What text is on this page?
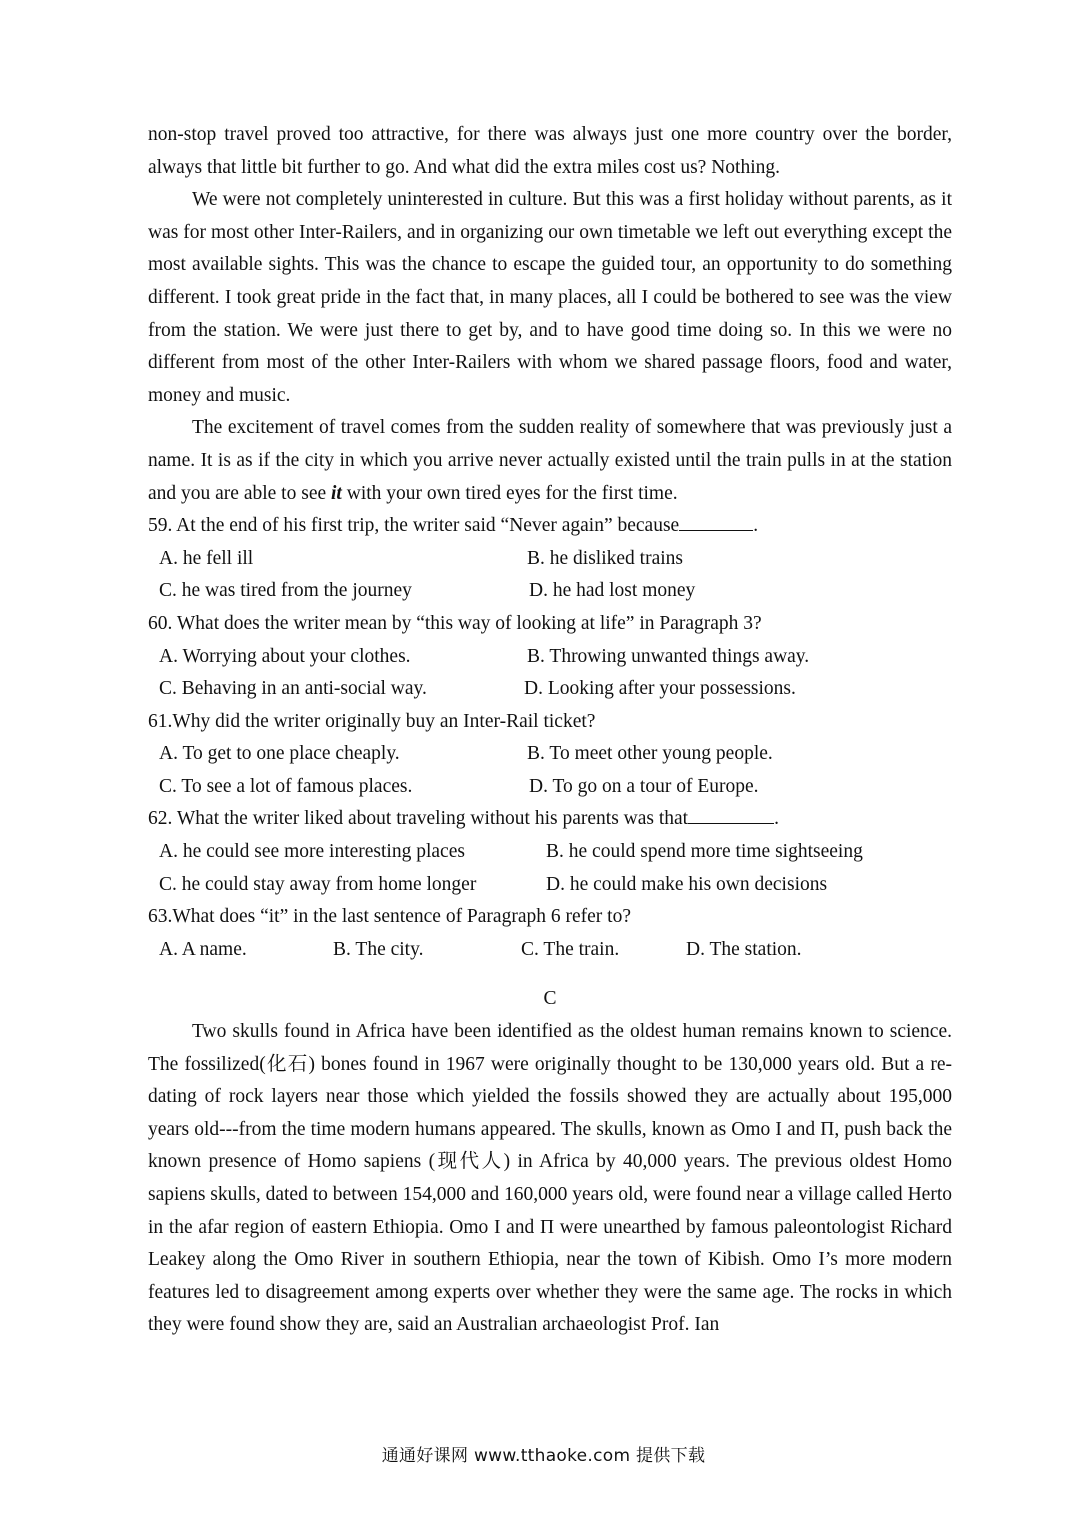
non-stop travel proved too attractive, for there was always just one more country over the border, always that little bit further to go. And what did the extra miles cost us? Nothing.

We were not completely uninterested in culture. But this was a first holiday without parents, as it was for most other Inter-Railers, and in organizing our own timetable we left out everything except the most available sights. This was the chance to escape the guided tour, an opportunity to do something different. I took great pride in the fact that, in many places, all I could be bothered to see was the view from the station. We were just there to get by, and to have good time doing so. In this we were no different from most of the other Inter-Railers with whom we shared passage floors, food and water, money and music.

The excitement of travel comes from the sudden reality of somewhere that was previously just a name. It is as if the city in which you arrive never actually existed until the train pulls in at the station and you are able to see it with your own tired eyes for the first time.

59. At the end of his first trip, the writer said “Never again” because	.
A. he fell ill	B. he disliked trains
C. he was tired from the journey	D. he had lost money
60. What does the writer mean by “this way of looking at life” in Paragraph 3?
A. Worrying about your clothes.	B. Throwing unwanted things away.
C. Behaving in an anti-social way.	D. Looking after your possessions.
61.Why did the writer originally buy an Inter-Rail ticket?
A. To get to one place cheaply.	B. To meet other young people.
C. To see a lot of famous places.	D. To go on a tour of Europe.
62. What the writer liked about traveling without his parents was that	.
A. he could see more interesting places	B. he could spend more time sightseeing
C. he could stay away from home longer	D. he could make his own decisions
63.What does “it” in the last sentence of Paragraph 6 refer to?
A. A name.	B. The city.	C. The train.	D. The station.
C

Two skulls found in Africa have been identified as the oldest human remains known to science. The fossilized(化石) bones found in 1967 were originally thought to be 130,000 years old. But a re-dating of rock layers near those which yielded the fossils showed they are actually about 195,000 years old---from the time modern humans appeared. The skulls, known as Omo I and П, push back the known presence of Homo sapiens (现代人) in Africa by 40,000 years. The previous oldest Homo sapiens skulls, dated to between 154,000 and 160,000 years old, were found near a village called Herto in the afar region of eastern Ethiopia. Omo I and П were unearthed by famous paleontologist Richard Leakey along the Omo River in southern Ethiopia, near the town of Kibish. Omo I’s more modern features led to disagreement among experts over whether they were the same age. The rocks in which they were found show they are, said an Australian archaeologist Prof. Ian

通通好课网 www.tthaoke.com 提供下载
